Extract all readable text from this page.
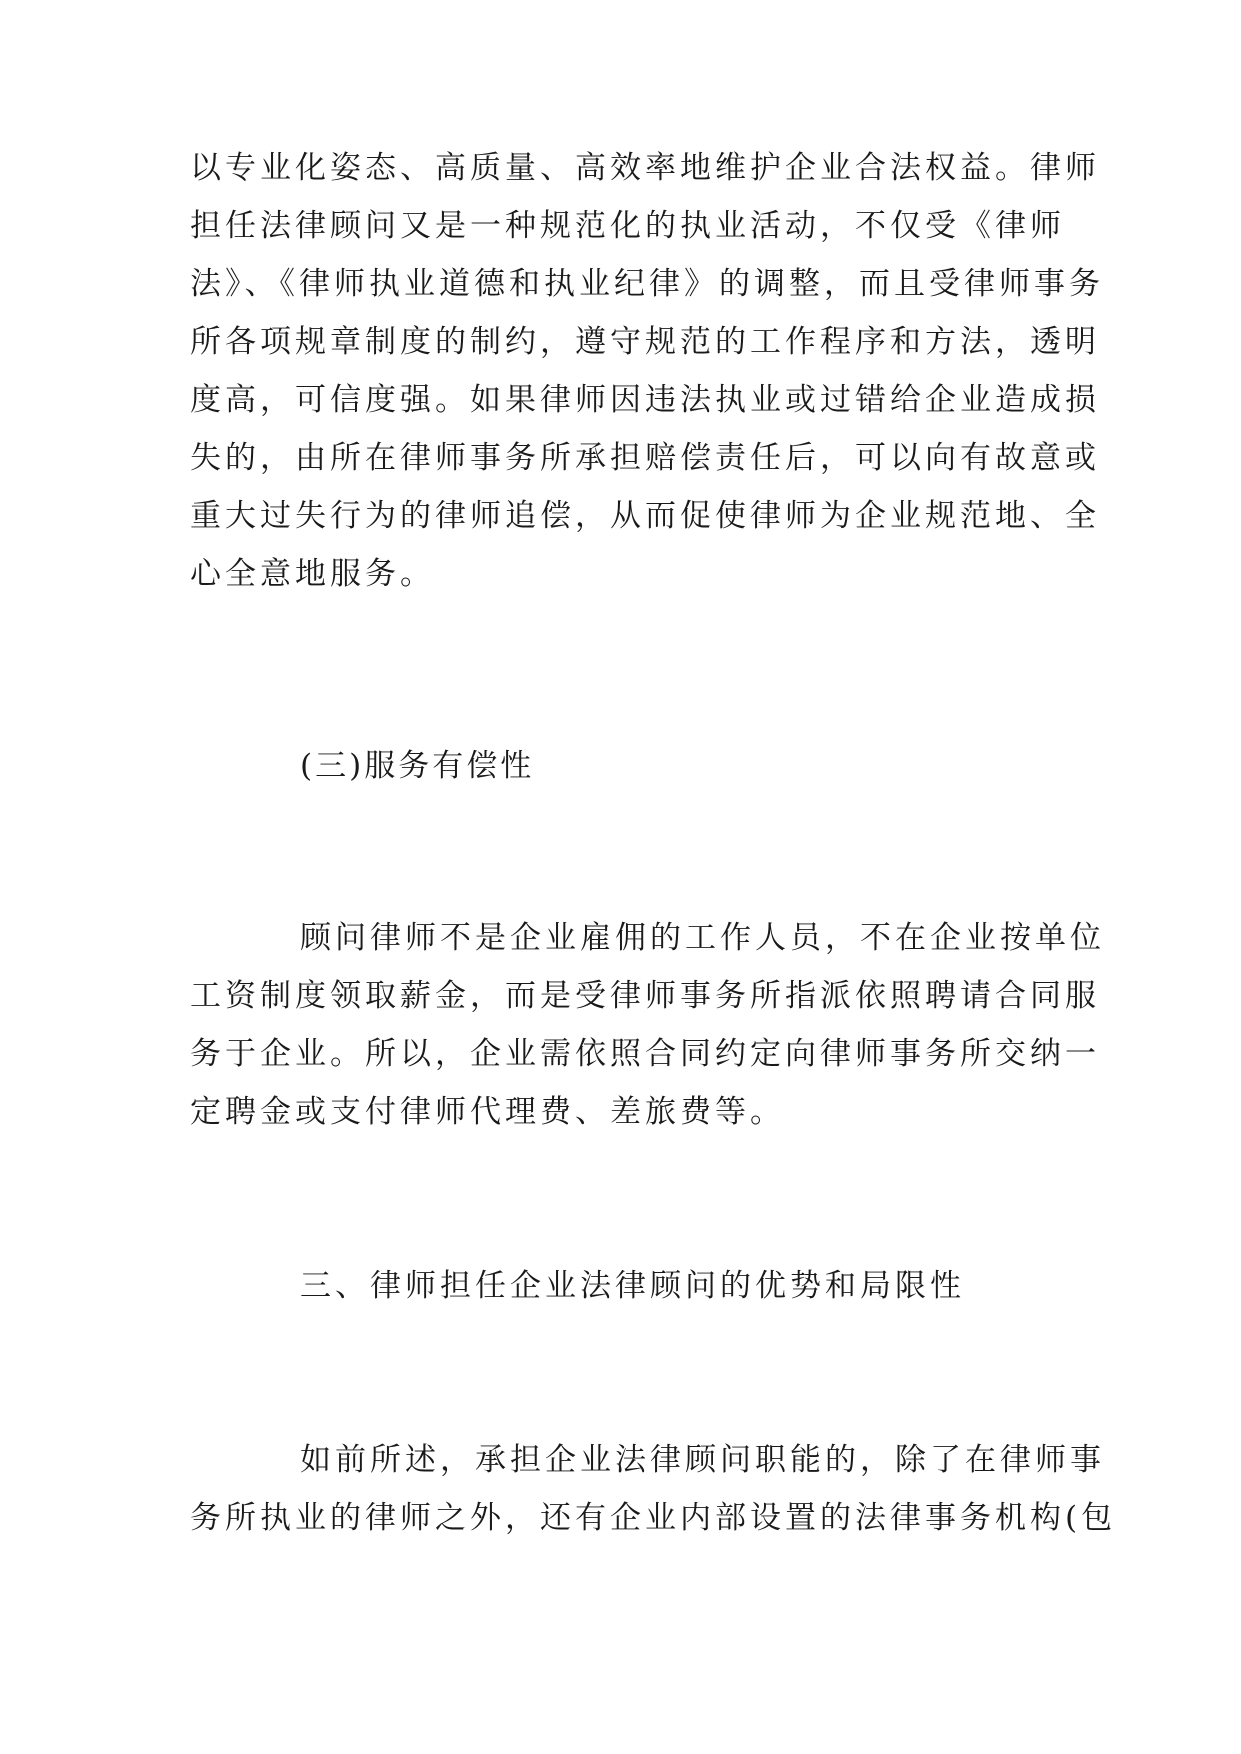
以专业化姿态、高质量、高效率地维护企业合法权益。律师
担任法律顾问又是一种规范化的执业活动，不仅受《律师
法》、《律师执业道德和执业纪律》的调整，而且受律师事务
所各项规章制度的制约，遵守规范的工作程序和方法，透明
度高，可信度强。如果律师因违法执业或过错给企业造成损
失的，由所在律师事务所承担赔偿责任后，可以向有故意或
重大过失行为的律师追偿，从而促使律师为企业规范地、全
心全意地服务。
(三)服务有偿性
顾问律师不是企业雇佣的工作人员，不在企业按单位
工资制度领取薪金，而是受律师事务所指派依照聘请合同服
务于企业。所以，企业需依照合同约定向律师事务所交纳一
定聘金或支付律师代理费、差旅费等。
三、律师担任企业法律顾问的优势和局限性
如前所述，承担企业法律顾问职能的，除了在律师事
务所执业的律师之外，还有企业内部设置的法律事务机构(包
